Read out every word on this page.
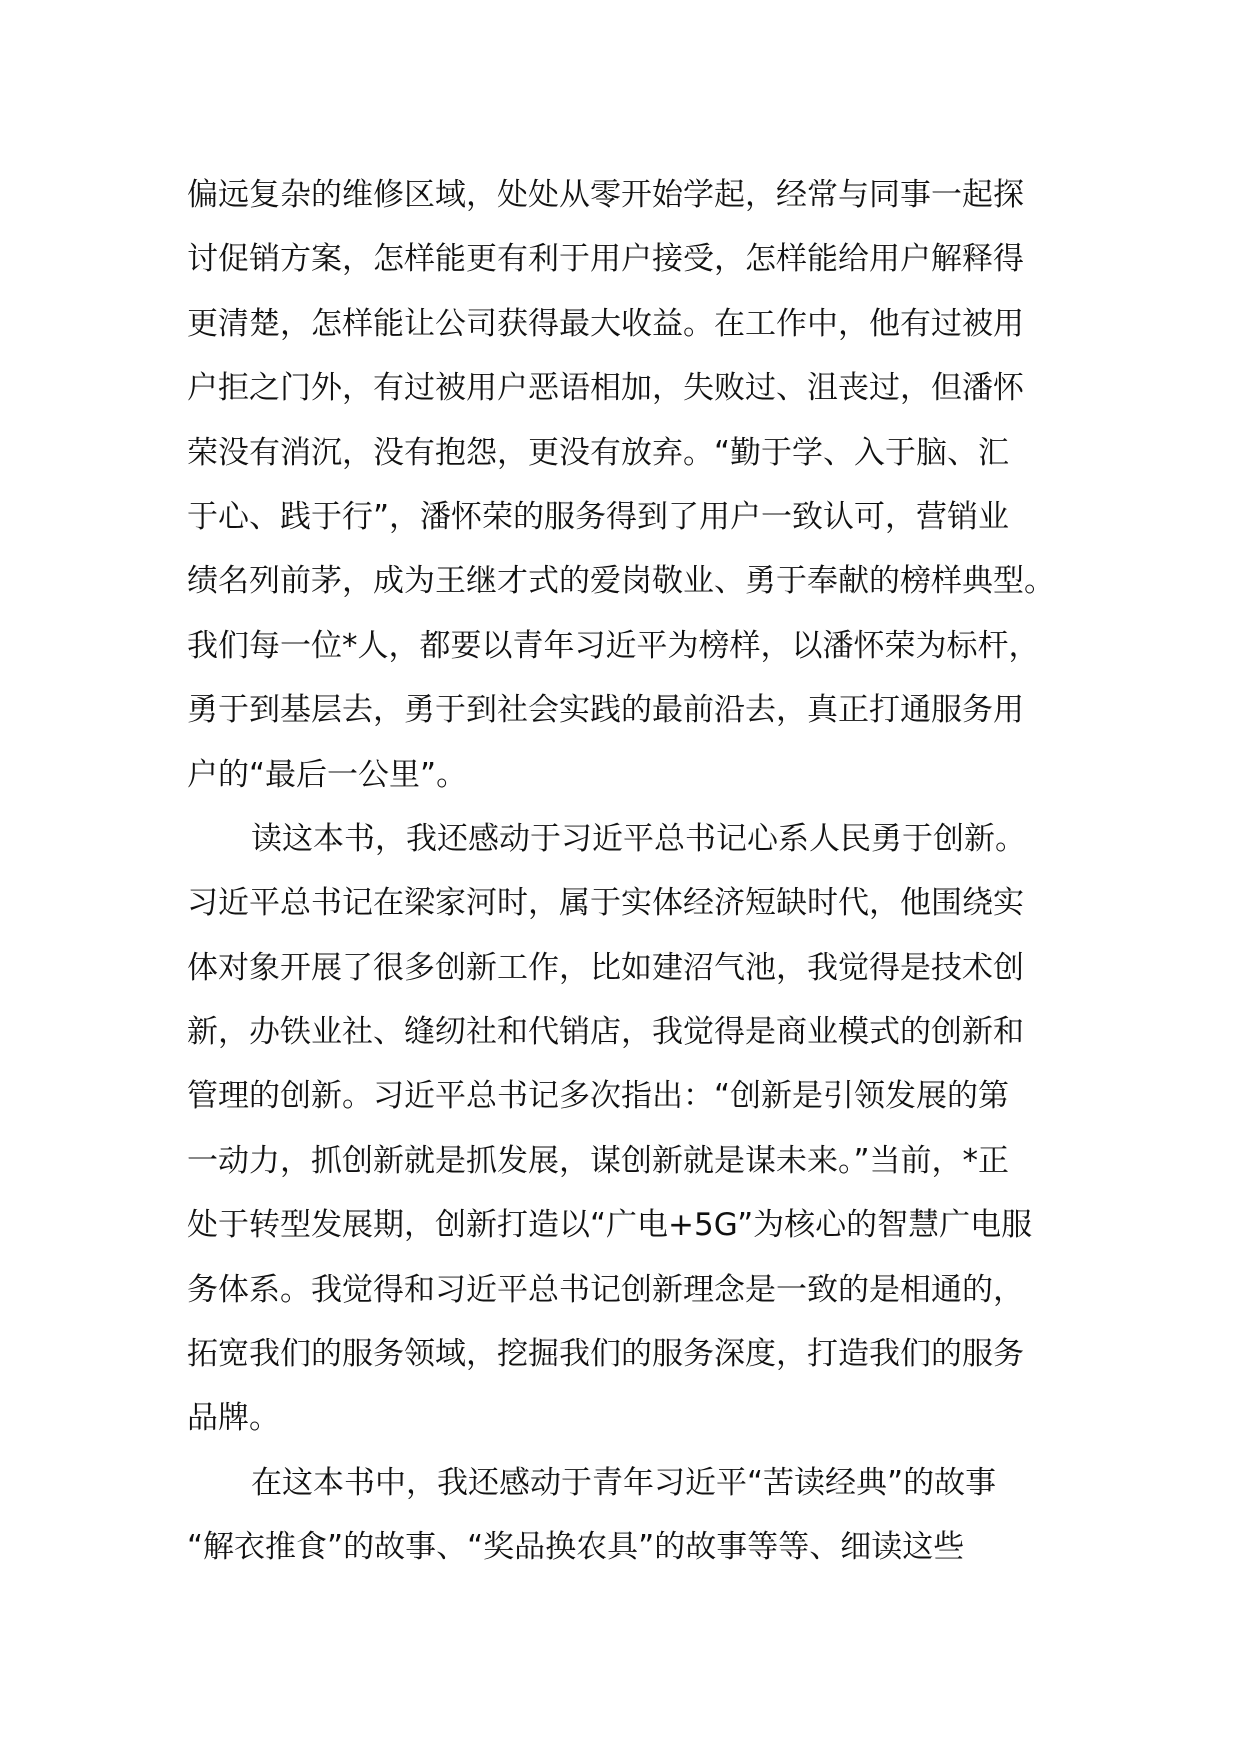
偏远复杂的维修区域，处处从零开始学起，经常与同事一起探
讨促销方案，怎样能更有利于用户接受，怎样能给用户解释得
更清楚，怎样能让公司获得最大收益。在工作中，他有过被用
户拒之门外，有过被用户恶语相加，失败过、沮丧过，但潘怀
荣没有消沉，没有抱怨，更没有放弃。“勤于学、入于脑、汇
于心、践于行”，潘怀荣的服务得到了用户一致认可，营销业
绩名列前茅，成为王继才式的爱岗敬业、勇于奉献的榜样典型。
我们每一位*人，都要以青年习近平为榜样，以潘怀荣为标杆，
勇于到基层去，勇于到社会实践的最前沿去，真正打通服务用
户的“最后一公里”。
读这本书，我还感动于习近平总书记心系人民勇于创新。
习近平总书记在梁家河时，属于实体经济短缺时代，他围绕实
体对象开展了很多创新工作，比如建沼气池，我觉得是技术创
新，办铁业社、缝纫社和代销店，我觉得是商业模式的创新和
管理的创新。习近平总书记多次指出：“创新是引领发展的第
一动力，抓创新就是抓发展，谋创新就是谋未来。”当前，*正
处于转型发展期，创新打造以“广电+5G”为核心的智慧广电服
务体系。我觉得和习近平总书记创新理念是一致的是相通的，
拓宽我们的服务领域，挖掘我们的服务深度，打造我们的服务
品牌。
在这本书中，我还感动于青年习近平“苦读经典”的故事
“解衣推食”的故事、“奖品换农具”的故事等等、细读这些
